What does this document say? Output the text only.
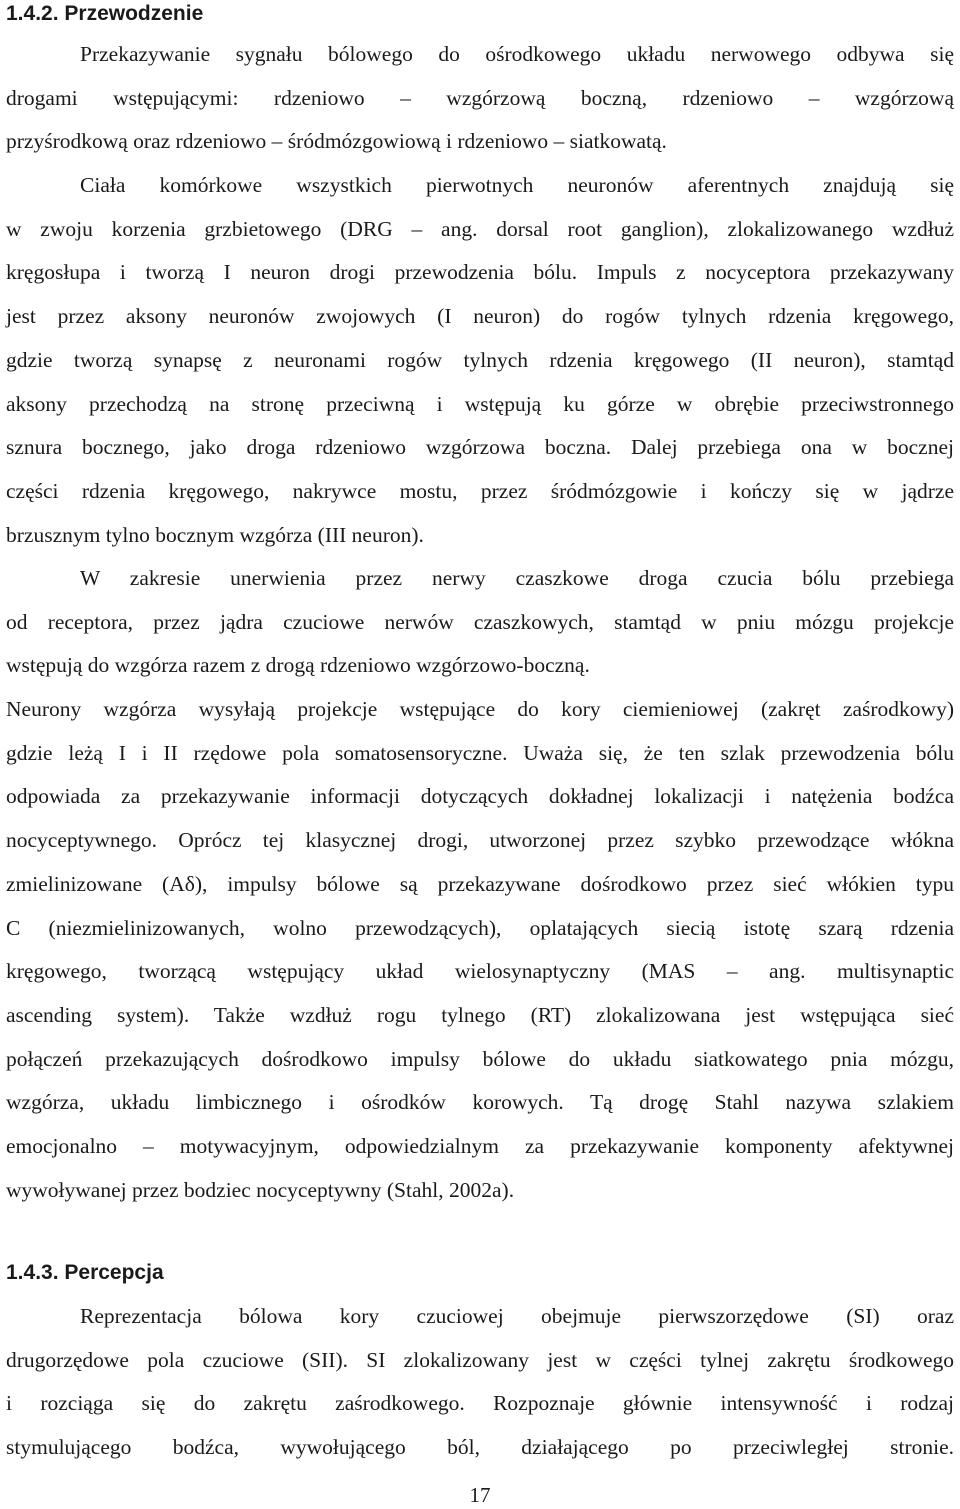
1.4.2. Przewodzenie

Przekazywanie sygnału bólowego do ośrodkowego układu nerwowego odbywa się
drogami wstępującymi: rdzeniowo – wzgórzową boczną, rdzeniowo – wzgórzową
przyśrodkową oraz rdzeniowo – śródmózgowiową i rdzeniowo – siatkowatą.

Ciała komórkowe wszystkich pierwotnych neuronów aferentnych znajdują się
w zwoju korzenia grzbietowego (DRG – ang. dorsal root ganglion), zlokalizowanego wzdłuż
kręgosłupa i tworzą I neuron drogi przewodzenia bólu. Impuls z nocyceptora przekazywany
jest przez aksony neuronów zwojowych (I neuron) do rogów tylnych rdzenia kręgowego,
gdzie tworzą synapsę z neuronami rogów tylnych rdzenia kręgowego (II neuron), stamtąd
aksony przechodzą na stronę przeciwną i wstępują ku górze w obrębie przeciwstronnego
sznura bocznego, jako droga rdzeniowo wzgórzowa boczna. Dalej przebiega ona w bocznej
części rdzenia kręgowego, nakrywce mostu, przez śródmózgowie i kończy się w jądrze
brzusznym tylno bocznym wzgórza (III neuron).

W zakresie unerwienia przez nerwy czaszkowe droga czucia bólu przebiega
od receptora, przez jądra czuciowe nerwów czaszkowych, stamtąd w pniu mózgu projekcje
wstępują do wzgórza razem z drogą rdzeniowo wzgórzowo-boczną.

Neurony wzgórza wysyłają projekcje wstępujące do kory ciemieniowej (zakręt zaśrodkowy)
gdzie leżą I i II rzędowe pola somatosensoryczne. Uważa się, że ten szlak przewodzenia bólu
odpowiada za przekazywanie informacji dotyczących dokładnej lokalizacji i natężenia bodźca
nocyceptywnego. Oprócz tej klasycznej drogi, utworzonej przez szybko przewodzące włókna
zmielinizowane (Aδ), impulsy bólowe są przekazywane dośrodkowo przez sieć włókien typu
C (niezmielinizowanych, wolno przewodzących), oplatających siecią istotę szarą rdzenia
kręgowego, tworzącą wstępujący układ wielosynaptyczny (MAS – ang. multisynaptic
ascending system). Także wzdłuż rogu tylnego (RT) zlokalizowana jest wstępująca sieć
połączeń przekazujących dośrodkowo impulsy bólowe do układu siatkowatego pnia mózgu,
wzgórza, układu limbicznego i ośrodków korowych. Tą drogę Stahl nazywa szlakiem
emocjonalno – motywacyjnym, odpowiedzialnym za przekazywanie komponenty afektywnej
wywoływanej przez bodziec nocyceptywny (Stahl, 2002a).

1.4.3. Percepcja

Reprezentacja bólowa kory czuciowej obejmuje pierwszorzędowe (SI) oraz
drugorzędowe pola czuciowe (SII). SI zlokalizowany jest w części tylnej zakrętu środkowego
i rozciąga się do zakrętu zaśrodkowego. Rozpoznaje głównie intensywność i rodzaj
stymulującego bodźca, wywołującego ból, działającego po przeciwległej stronie.

17
